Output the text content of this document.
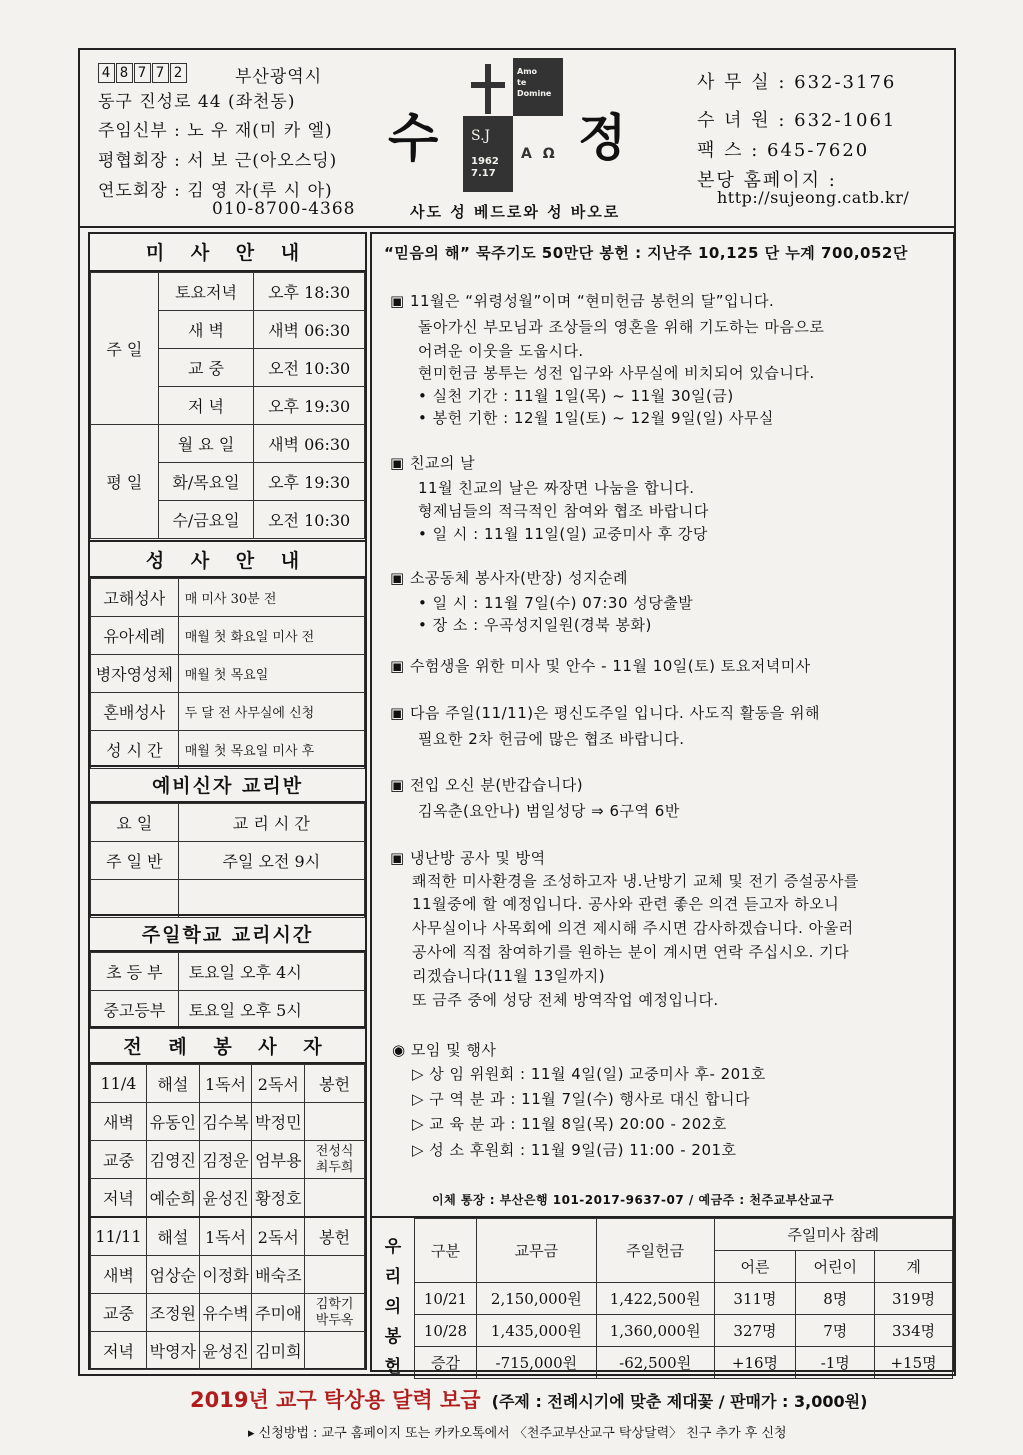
4 8 7 7 2	부산광역시
동구 진성로 44 (좌천동)
주임신부 : 노 우 재(미 카 엘)
평협회장 : 서 보 근(아오스딩)
연도회장 : 김 영 자(루 시 아)
010-8700-4368
수
Amo
te
Domine
S.J
1962
7.17
A Ω 정
사도 성 베드로와 성 바오로
사 무 실 : 632-3176
수 녀 원 : 632-1061
팩 스 : 645-7620
본당 홈페이지 :
http://sujeong.catb.kr/
미 사 안 내
주 일	토요저녁	오후 18:30
	새 벽	새벽 06:30
	교 중	오전 10:30
	저 녁	오후 19:30
평 일	월 요 일	새벽 06:30
	화/목요일	오후 19:30
	수/금요일	오전 10:30
성 사 안 내
고해성사	매 미사 30분 전
유아세례	매월 첫 화요일 미사 전
병자영성체	매월 첫 목요일
혼배성사	두 달 전 사무실에 신청
성 시 간	매월 첫 목요일 미사 후
예비신자 교리반
요 일	교 리 시 간
주 일 반	주일 오전 9시

주일학교 교리시간
초 등 부	토요일 오후 4시
중고등부	토요일 오후 5시
전 례 봉 사 자
11/4	해설	1독서	2독서	봉헌
새벽	유동인	김수복	박정민	
교중	김영진	김정운	엄부용	전성식
최두희
저녁	예순희	윤성진	황정호	
11/11	해설	1독서	2독서	봉헌
새벽	엄상순	이정화	배숙조	
교중	조정원	유수벽	주미애	김학기
박두옥
저녁	박영자	윤성진	김미희	
“믿음의 해” 묵주기도 50만단 봉헌 : 지난주 10,125 단 누계 700,052단
▣ 11월은 “위령성월”이며 “현미헌금 봉헌의 달”입니다.
돌아가신 부모님과 조상들의 영혼을 위해 기도하는 마음으로
어려운 이웃을 도웁시다.
현미헌금 봉투는 성전 입구와 사무실에 비치되어 있습니다.
• 실천 기간 : 11월 1일(목) ~ 11월 30일(금)
• 봉헌 기한 : 12월 1일(토) ~ 12월 9일(일) 사무실
▣ 친교의 날
11월 친교의 날은 짜장면 나눔을 합니다.
형제님들의 적극적인 참여와 협조 바랍니다
• 일 시 : 11월 11일(일) 교중미사 후 강당
▣ 소공동체 봉사자(반장) 성지순례
• 일 시 : 11월 7일(수) 07:30 성당출발
• 장 소 : 우곡성지일원(경북 봉화)
▣ 수험생을 위한 미사 및 안수 - 11월 10일(토) 토요저녁미사
▣ 다음 주일(11/11)은 평신도주일 입니다. 사도직 활동을 위해
필요한 2차 헌금에 많은 협조 바랍니다.
▣ 전입 오신 분(반갑습니다)
김옥춘(요안나) 범일성당 ⇒ 6구역 6반
▣ 냉난방 공사 및 방역
쾌적한 미사환경을 조성하고자 냉.난방기 교체 및 전기 증설공사를
11월중에 할 예정입니다. 공사와 관련 좋은 의견 듣고자 하오니
사무실이나 사목회에 의견 제시해 주시면 감사하겠습니다. 아울러
공사에 직접 참여하기를 원하는 분이 계시면 연락 주십시오. 기다
리겠습니다(11월 13일까지)
또 금주 중에 성당 전체 방역작업 예정입니다.
◉ 모임 및 행사
▷ 상 임 위원회 : 11월 4일(일) 교중미사 후- 201호
▷ 구 역 분 과 : 11월 7일(수) 행사로 대신 합니다
▷ 교 육 분 과 : 11월 8일(목) 20:00 - 202호
▷ 성 소 후원회 : 11월 9일(금) 11:00 - 201호
이체 통장 : 부산은행 101-2017-9637-07 / 예금주 : 천주교부산교구
우리의 봉헌
구분	교무금	주일헌금	주일미사 참례		
			어른	어린이	계
10/21	2,150,000원	1,422,500원	311명	8명	319명
10/28	1,435,000원	1,360,000원	327명	7명	334명
증감	-715,000원	-62,500원	+16명	-1명	+15명
2019년 교구 탁상용 달력 보급 (주제 : 전례시기에 맞춘 제대꽃 / 판매가 : 3,000원)
▸ 신청방법 : 교구 홈페이지 또는 카카오톡에서 〈천주교부산교구 탁상달력〉 친구 추가 후 신청
